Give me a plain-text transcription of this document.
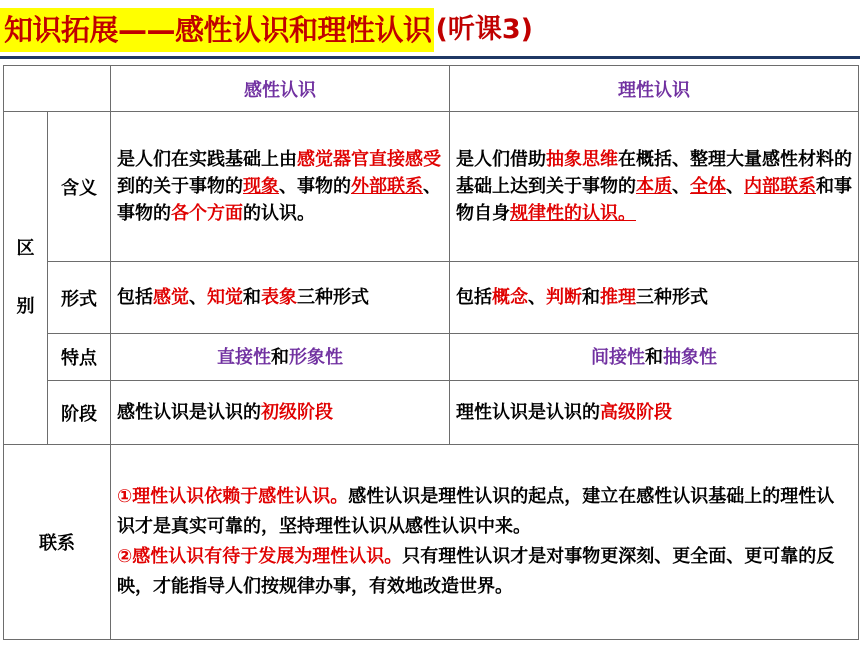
知识拓展——感性认识和理性认识 (听课3)
		感性认识	理性认识

区
别	含义	是人们在实践基础上由感觉器官直接感受到的关于事物的现象、事物的外部联系、事物的各个方面的认识。	是人们借助抽象思维在概括、整理大量感性材料的基础上达到关于事物的本质、全体、内部联系和事物自身规律性的认识。
	形式	包括感觉、知觉和表象三种形式	包括概念、判断和推理三种形式
	特点	直接性和形象性	间接性和抽象性
	阶段	感性认识是认识的初级阶段	理性认识是认识的高级阶段
联系		①理性认识依赖于感性认识。感性认识是理性认识的起点，建立在感性认识基础上的理性认识才是真实可靠的，坚持理性认识从感性认识中来。
②感性认识有待于发展为理性认识。只有理性认识才是对事物更深刻、更全面、更可靠的反映，才能指导人们按规律办事，有效地改造世界。	
